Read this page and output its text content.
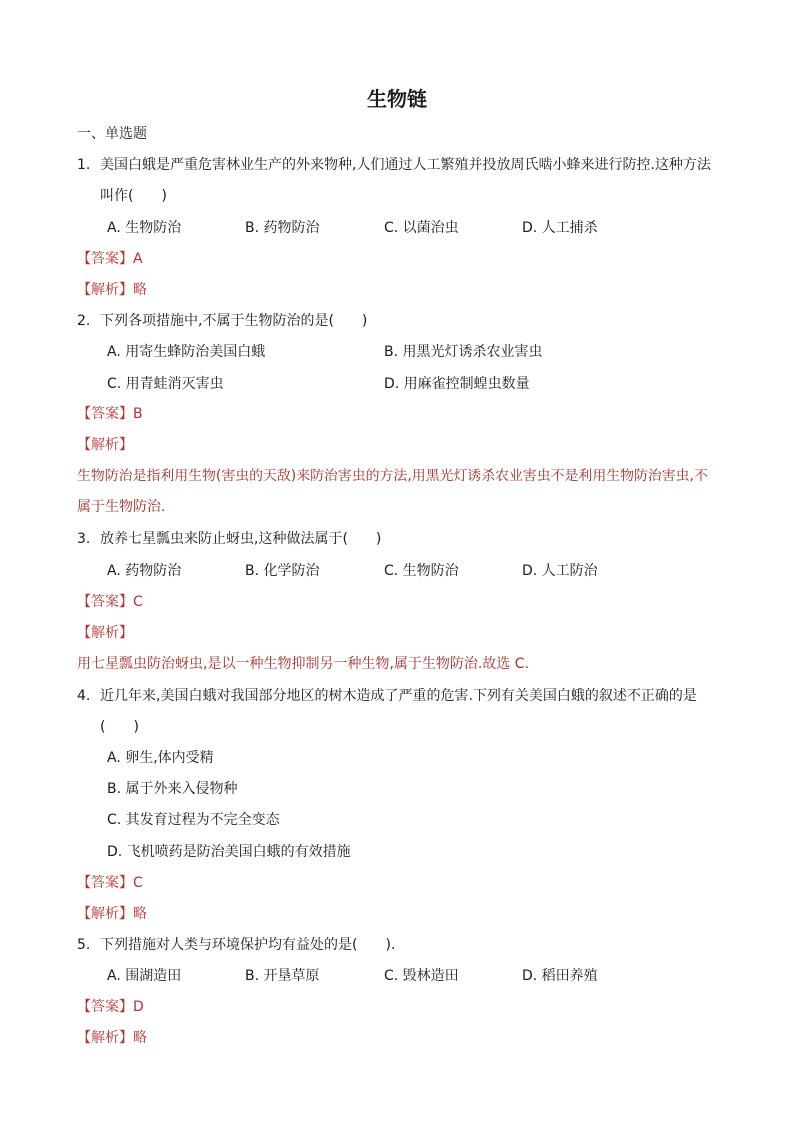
生物链
一、单选题
1. 美国白蛾是严重危害林业生产的外来物种,人们通过人工繁殖并投放周氏啮小蜂来进行防控.这种方法
叫作(　　)
A. 生物防治	B. 药物防治	C. 以菌治虫	D. 人工捕杀
【答案】A
【解析】略
2. 下列各项措施中,不属于生物防治的是(　　)
A. 用寄生蜂防治美国白蛾	B. 用黑光灯诱杀农业害虫
C. 用青蛙消灭害虫	D. 用麻雀控制蝗虫数量
【答案】B
【解析】
生物防治是指利用生物(害虫的天敌)来防治害虫的方法,用黑光灯诱杀农业害虫不是利用生物防治害虫,不
属于生物防治.
3. 放养七星瓢虫来防止蚜虫,这种做法属于(　　)
A. 药物防治	B. 化学防治	C. 生物防治	D. 人工防治
【答案】C
【解析】
用七星瓢虫防治蚜虫,是以一种生物抑制另一种生物,属于生物防治.故选 C.
4. 近几年来,美国白蛾对我国部分地区的树木造成了严重的危害.下列有关美国白蛾的叙述不正确的是
(　　)
A. 卵生,体内受精
B. 属于外来入侵物种
C. 其发育过程为不完全变态
D. 飞机喷药是防治美国白蛾的有效措施
【答案】C
【解析】略
5. 下列措施对人类与环境保护均有益处的是(　　).
A. 围湖造田	B. 开垦草原	C. 毁林造田	D. 稻田养殖
【答案】D
【解析】略
